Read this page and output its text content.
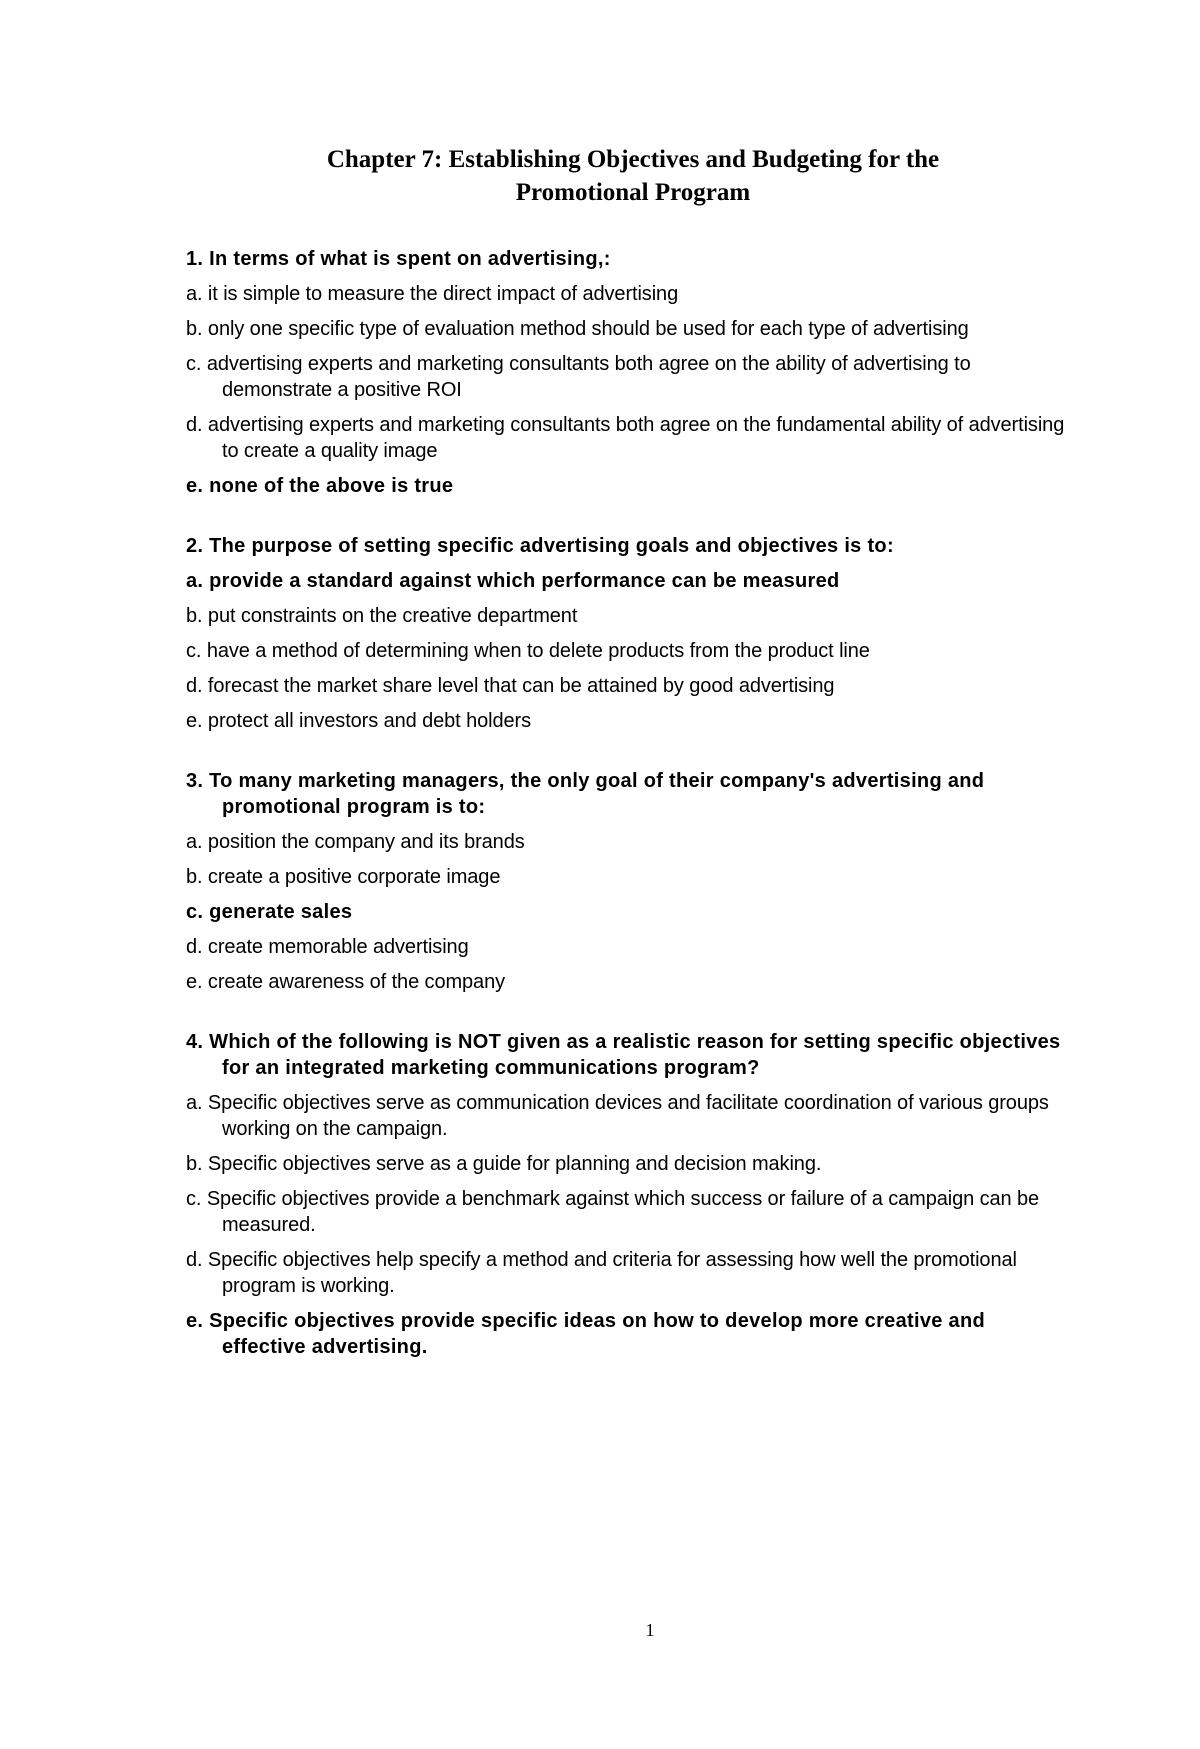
Chapter 7: Establishing Objectives and Budgeting for the
Promotional Program
1. In terms of what is spent on advertising,:
a. it is simple to measure the direct impact of advertising
b. only one specific type of evaluation method should be used for each type of advertising
c. advertising experts and marketing consultants both agree on the ability of advertising to demonstrate a positive ROI
d. advertising experts and marketing consultants both agree on the fundamental ability of advertising to create a quality image
e. none of the above is true
2. The purpose of setting specific advertising goals and objectives is to:
a. provide a standard against which performance can be measured
b. put constraints on the creative department
c. have a method of determining when to delete products from the product line
d. forecast the market share level that can be attained by good advertising
e. protect all investors and debt holders
3. To many marketing managers, the only goal of their company's advertising and promotional program is to:
a. position the company and its brands
b. create a positive corporate image
c. generate sales
d. create memorable advertising
e. create awareness of the company
4. Which of the following is NOT given as a realistic reason for setting specific objectives for an integrated marketing communications program?
a. Specific objectives serve as communication devices and facilitate coordination of various groups working on the campaign.
b. Specific objectives serve as a guide for planning and decision making.
c. Specific objectives provide a benchmark against which success or failure of a campaign can be measured.
d. Specific objectives help specify a method and criteria for assessing how well the promotional program is working.
e. Specific objectives provide specific ideas on how to develop more creative and effective advertising.
1
